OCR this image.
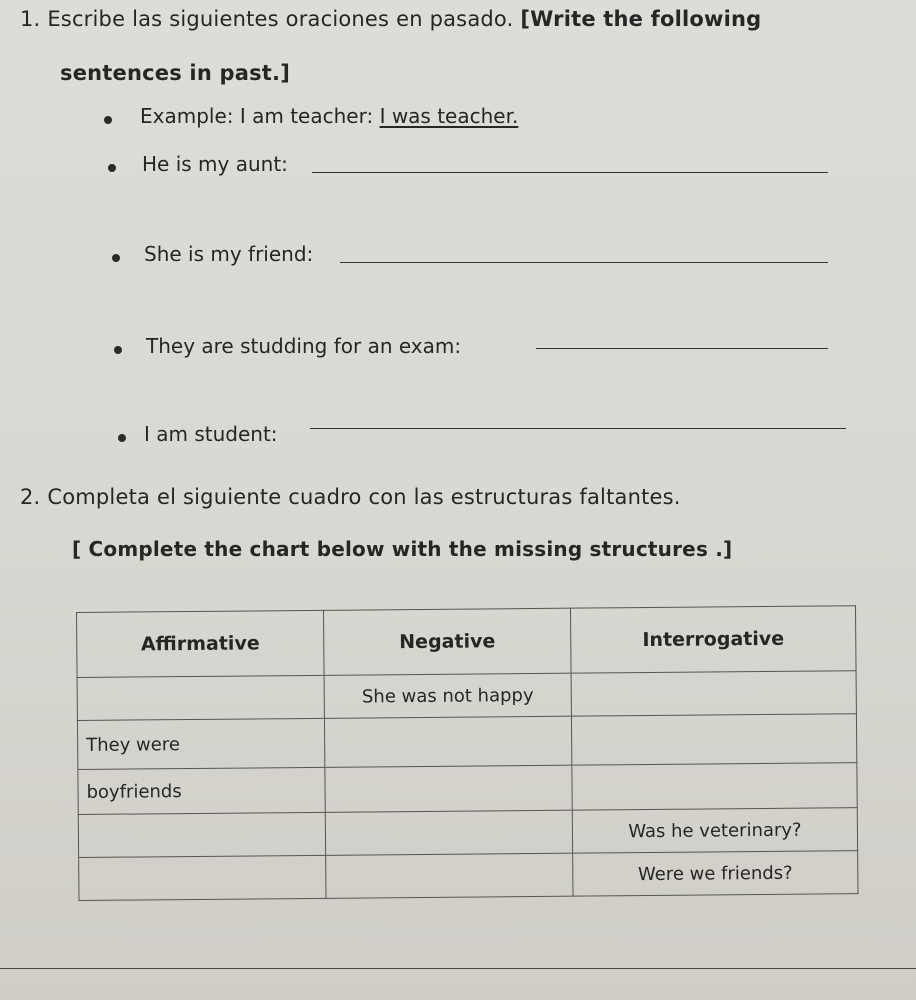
1. Escribe las siguientes oraciones en pasado. [Write the following
sentences in past.]
Example: I am teacher: I was teacher.
He is my aunt:
She is my friend:
They are studding for an exam:
I am student:
2. Completa el siguiente cuadro con las estructuras faltantes.
[ Complete the chart below with the missing structures .]
Affirmative	Negative	Interrogative
	She was not happy	
They were		
boyfriends		
		Was he veterinary?
		Were we friends?
